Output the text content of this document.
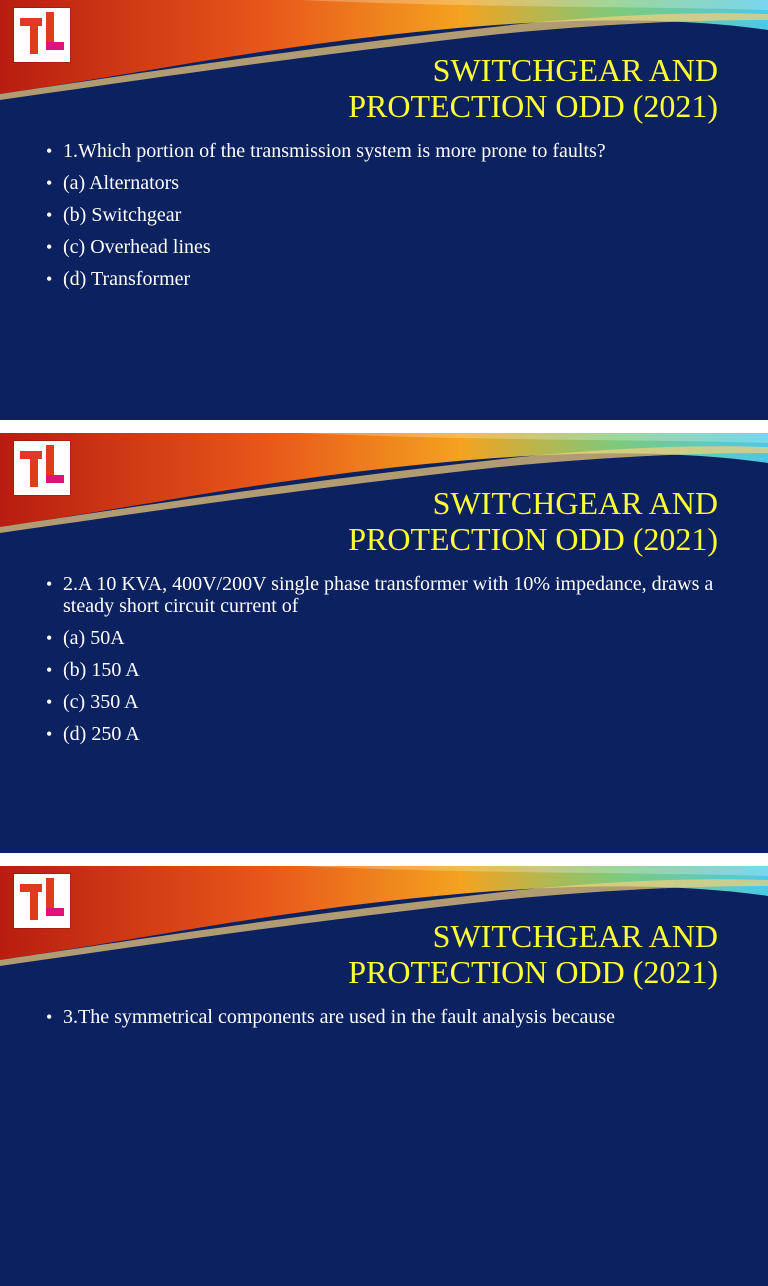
SWITCHGEAR AND
PROTECTION ODD (2021)
• 1.Which portion of the transmission system is more prone to faults?
• (a) Alternators
• (b) Switchgear
• (c) Overhead lines
• (d) Transformer
SWITCHGEAR AND
PROTECTION ODD (2021)
• 2.A 10 KVA, 400V/200V single phase transformer with 10% impedance, draws a steady short circuit current of
• (a) 50A
• (b) 150 A
• (c) 350 A
• (d) 250 A
SWITCHGEAR AND
PROTECTION ODD (2021)
• 3.The symmetrical components are used in the fault analysis because
